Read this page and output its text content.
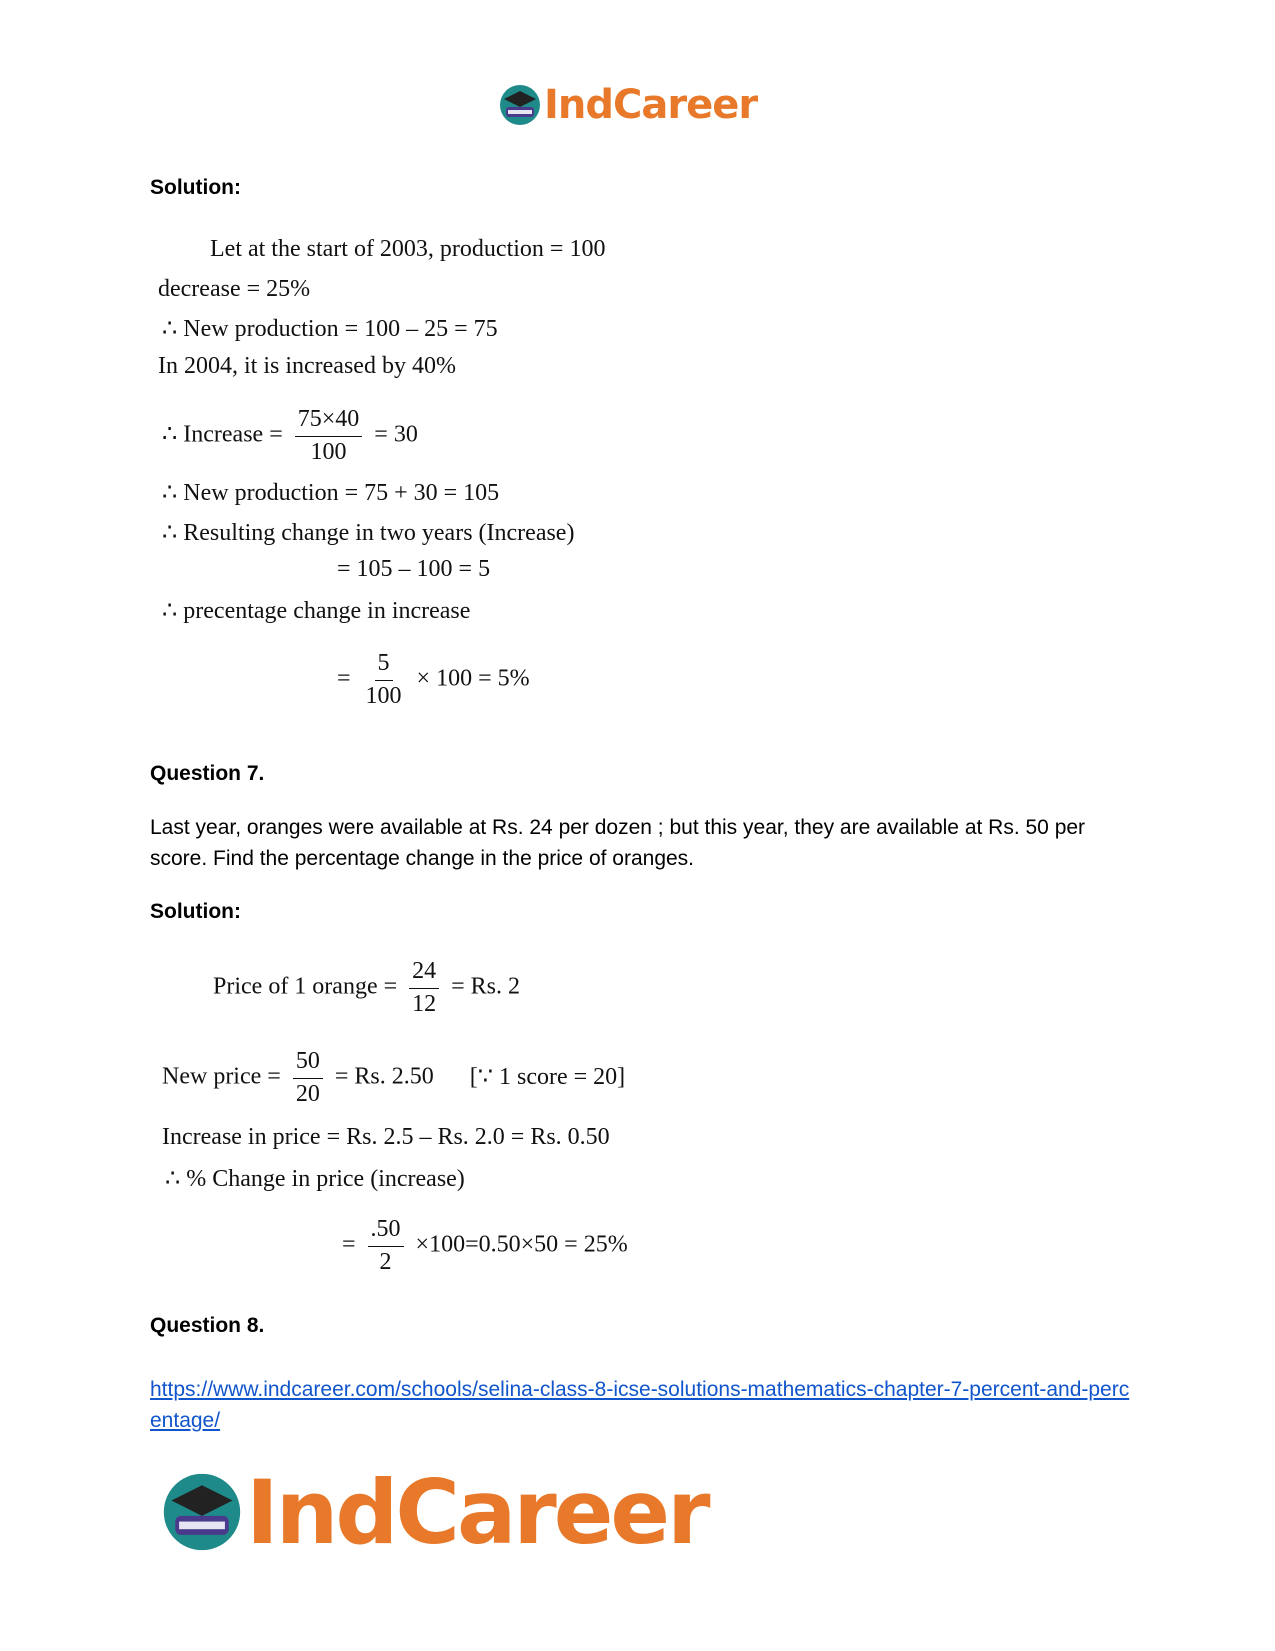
IndCareer
Solution:
Let at the start of 2003, production = 100
decrease = 25%
∴ New production = 100 – 25 = 75
In 2004, it is increased by 40%
∴ Increase = $\frac{75\times 40}{100} = 30$
∴ New production = 75 + 30 = 105
∴ Resulting change in two years (Increase)
= 105 – 100 = 5
∴ precentage change in increase
= $\frac{5}{100} \times 100 = 5\%$
Question 7.
Last year, oranges were available at Rs. 24 per dozen ; but this year, they are available at Rs. 50 per score. Find the percentage change in the price of oranges.
Solution:
Price of 1 orange = $\frac{24}{12} = Rs$. 2
New price = $\frac{50}{20} = Rs$. 2.50 [∵ 1 score = 20]
Increase in price = Rs. 2.5 – Rs. 2.0 = Rs. 0.50
∴ % Change in price (increase)
= $\frac{.50}{2} \times 100=0.50\times 50 = 25\%$
Question 8.
https://www.indcareer.com/schools/selina-class-8-icse-solutions-mathematics-chapter-7-percent-and-percentage/
IndCareer
